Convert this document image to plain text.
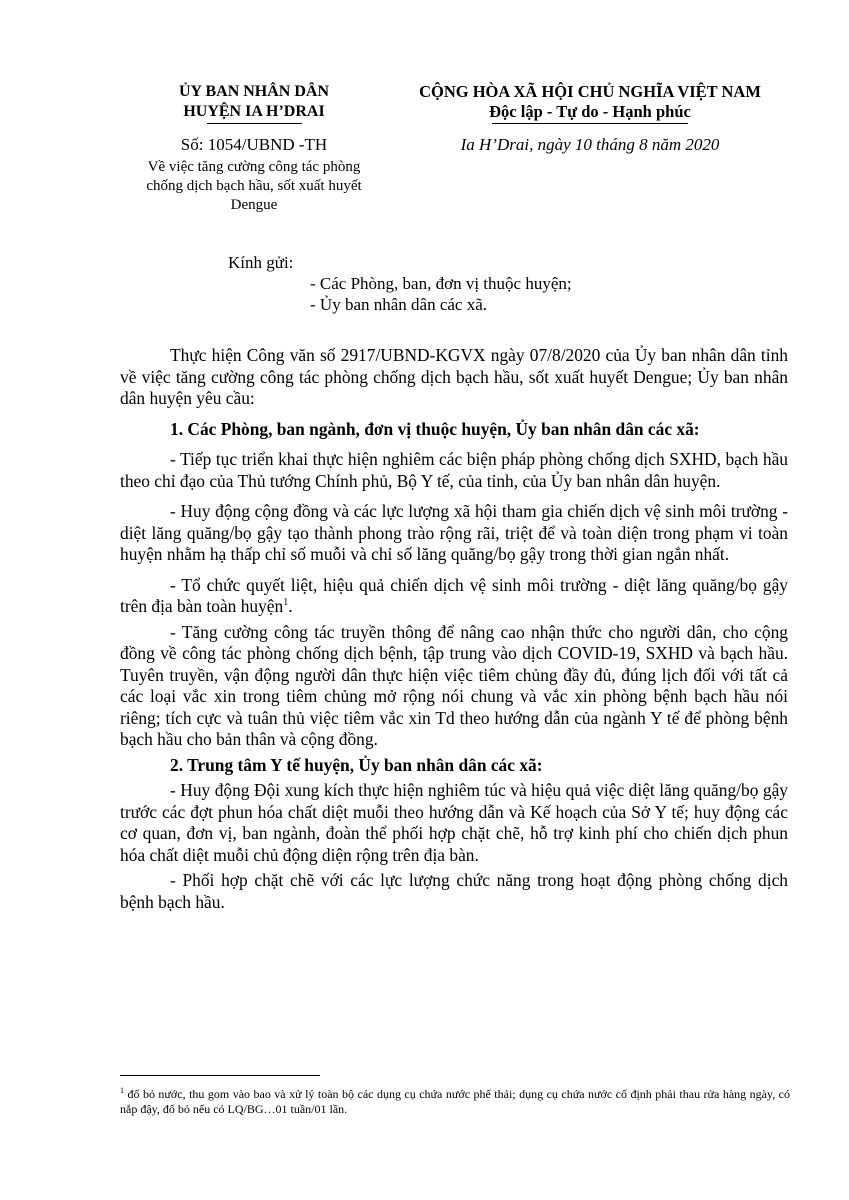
ỦY BAN NHÂN DÂN
HUYỆN IA H’DRAI
Số: 1054/UBND -TH
Về việc tăng cường công tác phòng chống dịch bạch hầu, sốt xuất huyết Dengue
CỘNG HÒA XÃ HỘI CHỦ NGHĨA VIỆT NAM
Độc lập - Tự do - Hạnh phúc
Ia H’Drai, ngày 10 tháng 8 năm 2020
Kính gửi:
- Các Phòng, ban, đơn vị thuộc huyện;
- Ủy ban nhân dân các xã.

Thực hiện Công văn số 2917/UBND-KGVX ngày 07/8/2020 của Ủy ban nhân dân tỉnh về việc tăng cường công tác phòng chống dịch bạch hầu, sốt xuất huyết Dengue; Ủy ban nhân dân huyện yêu cầu:

1. Các Phòng, ban ngành, đơn vị thuộc huyện, Ủy ban nhân dân các xã:

- Tiếp tục triển khai thực hiện nghiêm các biện pháp phòng chống dịch SXHD, bạch hầu theo chỉ đạo của Thủ tướng Chính phủ, Bộ Y tế, của tỉnh, của Ủy ban nhân dân huyện.

- Huy động cộng đồng và các lực lượng xã hội tham gia chiến dịch vệ sinh môi trường - diệt lăng quăng/bọ gậy tạo thành phong trào rộng rãi, triệt để và toàn diện trong phạm vi toàn huyện nhằm hạ thấp chỉ số muỗi và chỉ số lăng quăng/bọ gậy trong thời gian ngắn nhất.

- Tổ chức quyết liệt, hiệu quả chiến dịch vệ sinh môi trường - diệt lăng quăng/bọ gậy trên địa bàn toàn huyện$^1$.

- Tăng cường công tác truyền thông để nâng cao nhận thức cho người dân, cho cộng đồng về công tác phòng chống dịch bệnh, tập trung vào dịch COVID-19, SXHD và bạch hầu. Tuyên truyền, vận động người dân thực hiện việc tiêm chủng đầy đủ, đúng lịch đối với tất cả các loại vắc xin trong tiêm chủng mở rộng nói chung và vắc xin phòng bệnh bạch hầu nói riêng; tích cực và tuân thủ việc tiêm vắc xin Td theo hướng dẫn của ngành Y tế để phòng bệnh bạch hầu cho bản thân và cộng đồng.

2. Trung tâm Y tế huyện, Ủy ban nhân dân các xã:

- Huy động Đội xung kích thực hiện nghiêm túc và hiệu quả việc diệt lăng quăng/bọ gậy trước các đợt phun hóa chất diệt muỗi theo hướng dẫn và Kế hoạch của Sở Y tế; huy động các cơ quan, đơn vị, ban ngành, đoàn thể phối hợp chặt chẽ, hỗ trợ kinh phí cho chiến dịch phun hóa chất diệt muỗi chủ động diện rộng trên địa bàn.

- Phối hợp chặt chẽ với các lực lượng chức năng trong hoạt động phòng chống dịch bệnh bạch hầu.

$^1$ đổ bỏ nước, thu gom vào bao và xử lý toàn bộ các dụng cụ chứa nước phế thải; dụng cụ chứa nước cố định phải thau rửa hàng ngày, có nắp đậy, đổ bỏ nếu có LQ/BG…01 tuần/01 lần.
